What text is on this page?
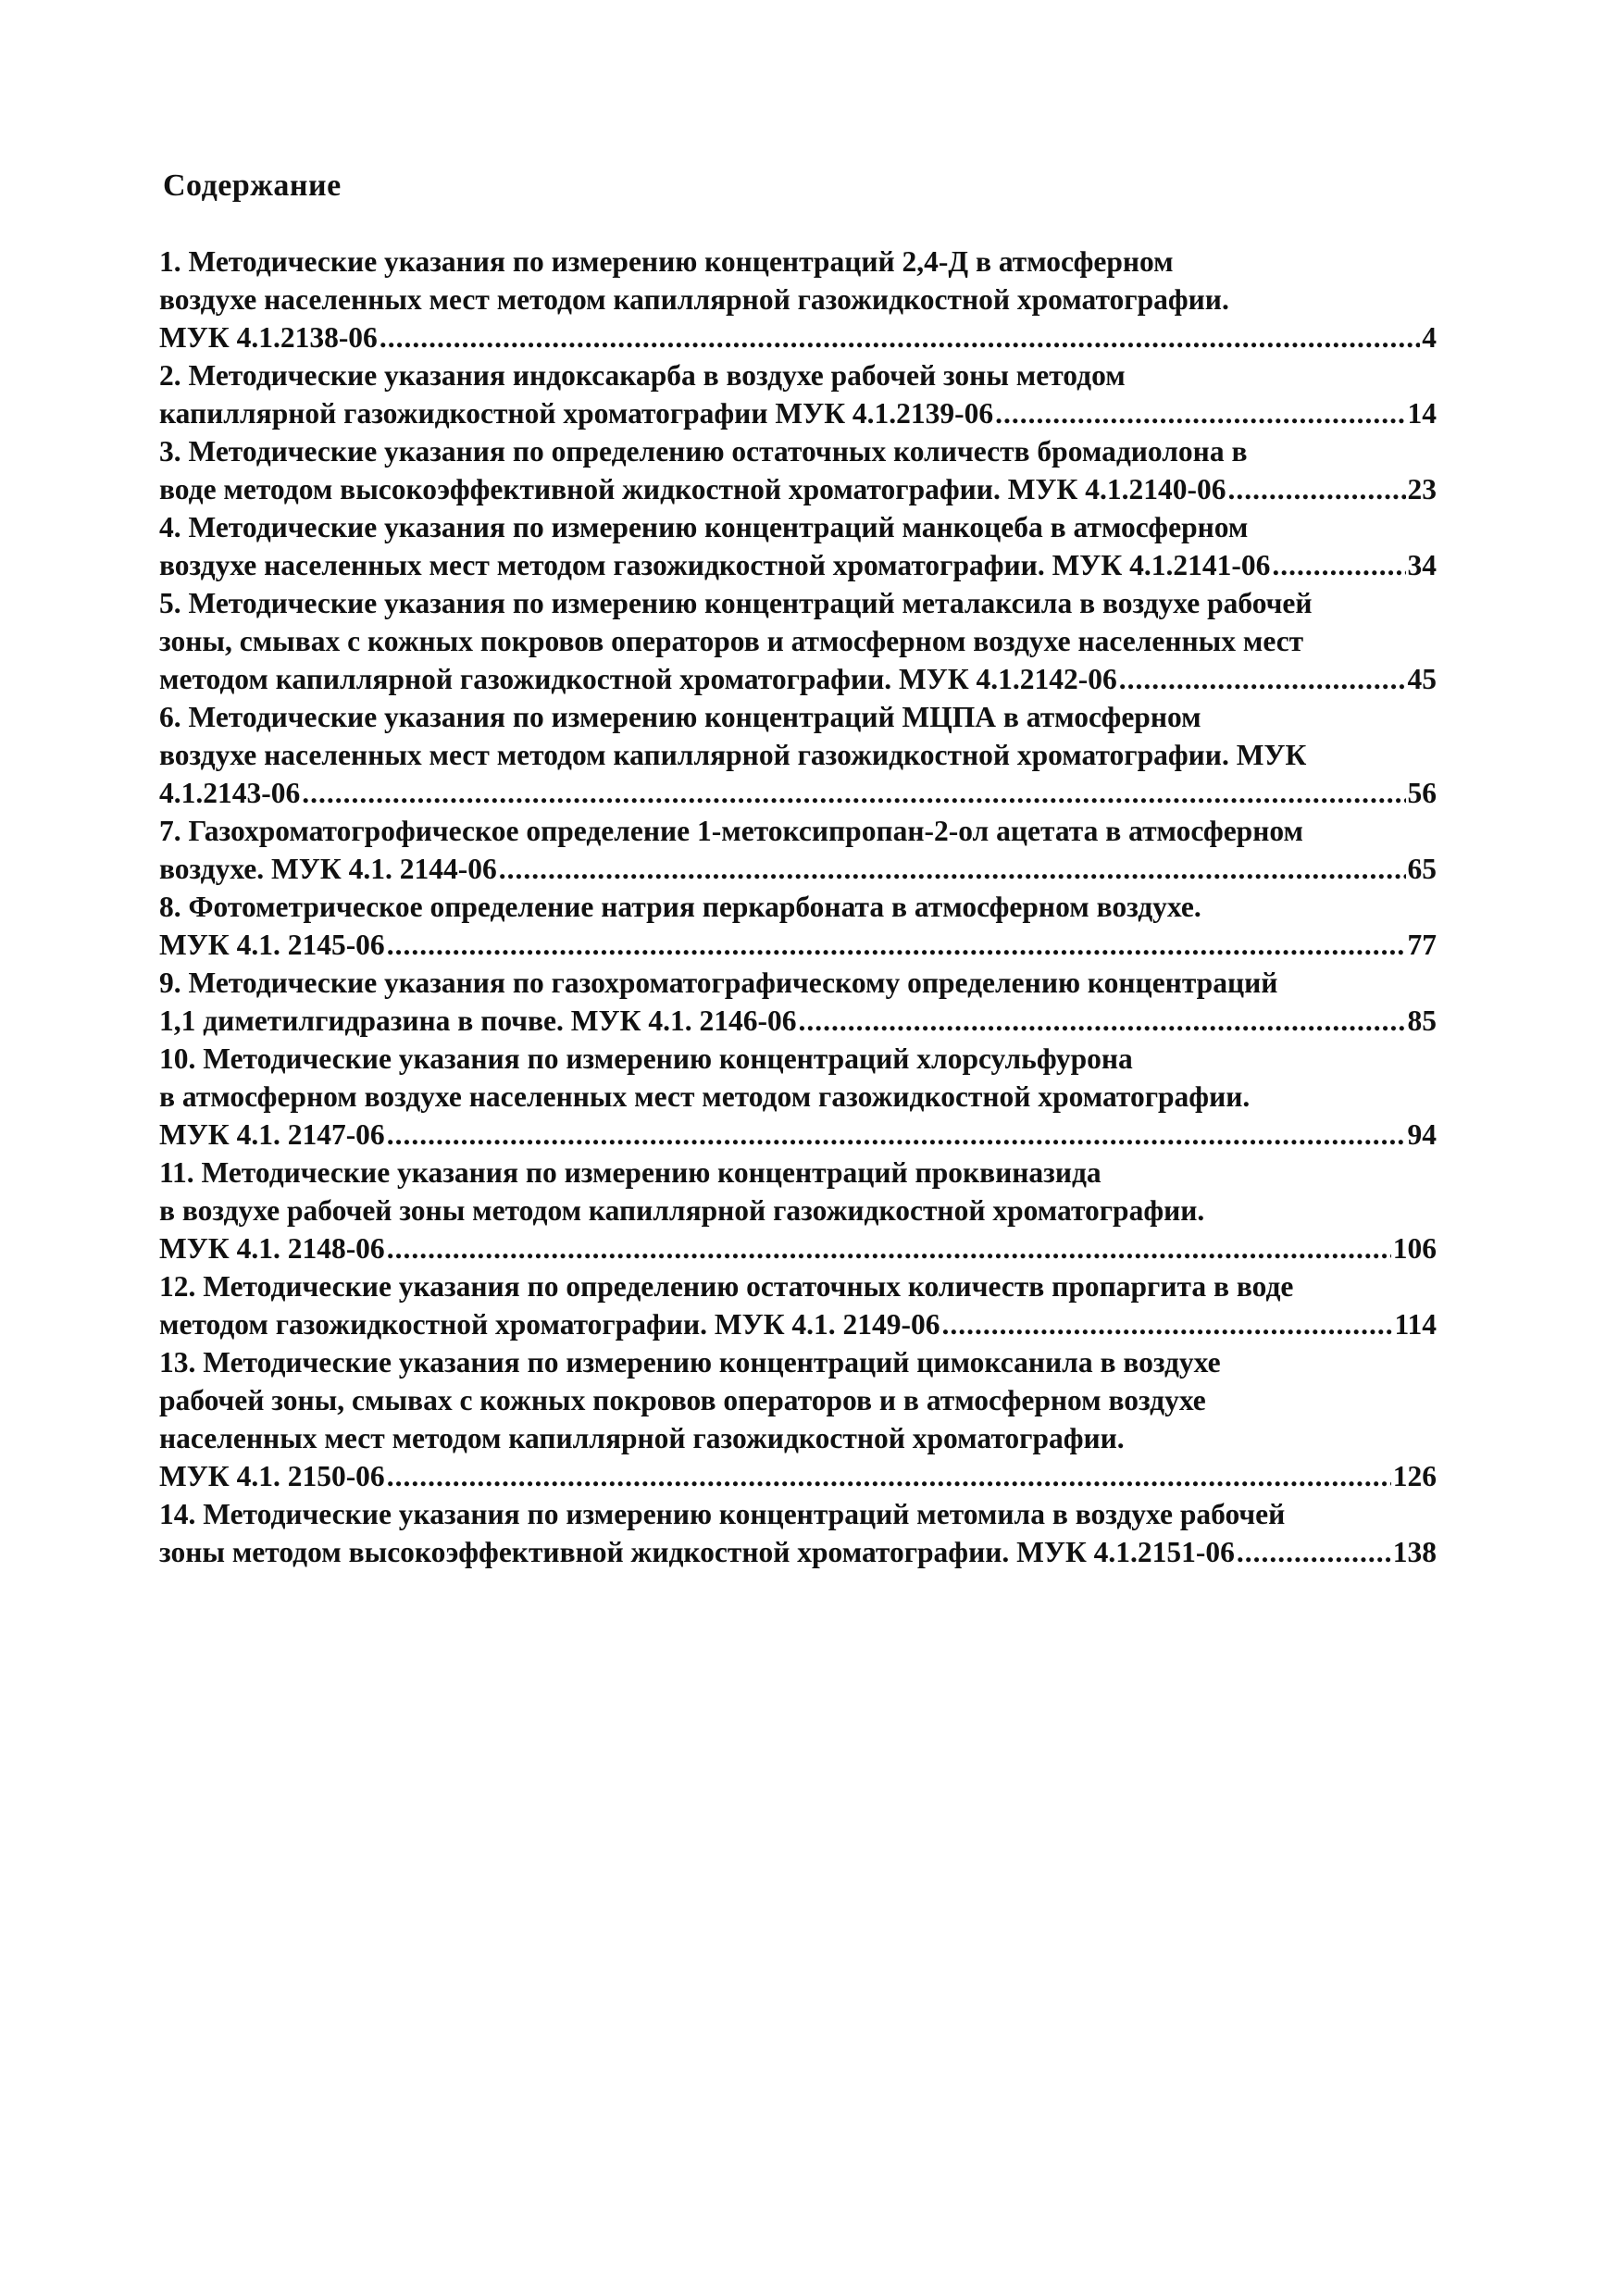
Содержание
1. Методические указания по измерению концентраций 2,4-Д в атмосферном
воздухе населенных мест методом капиллярной газожидкостной хроматографии.
МУК 4.1.2138-06 .....	4
2. Методические указания индоксакарба в воздухе рабочей зоны методом
капиллярной газожидкостной хроматографии МУК 4.1.2139-06 .....	14
3. Методические указания по определению остаточных количеств бромадиолона в
воде методом высокоэффективной жидкостной хроматографии. МУК 4.1.2140-06 .....	23
4. Методические указания по измерению концентраций манкоцеба в атмосферном
воздухе населенных мест методом газожидкостной хроматографии. МУК 4.1.2141-06 .....	34
5. Методические указания по измерению концентраций металаксила в воздухе рабочей
зоны, смывах с кожных покровов операторов и атмосферном воздухе населенных мест
методом капиллярной газожидкостной хроматографии. МУК 4.1.2142-06 .....	45
6. Методические указания по измерению концентраций МЦПА в атмосферном
воздухе населенных мест методом капиллярной газожидкостной хроматографии. МУК
4.1.2143-06 .....	56
7. Газохроматогрофическое определение 1-метоксипропан-2-ол ацетата в атмосферном
воздухе. МУК 4.1. 2144-06 .....	65
8. Фотометрическое определение натрия перкарбоната в атмосферном воздухе.
МУК 4.1. 2145-06 .....	77
9. Методические указания по газохроматографическому определению концентраций
1,1 диметилгидразина в почве. МУК 4.1. 2146-06 .....	85
10. Методические указания по измерению концентраций хлорсульфурона
в атмосферном воздухе населенных мест методом газожидкостной хроматографии.
МУК 4.1. 2147-06 .....	94
11. Методические указания по измерению концентраций проквиназида
в воздухе рабочей зоны методом капиллярной газожидкостной хроматографии.
МУК 4.1. 2148-06 .....	106
12. Методические указания по определению остаточных количеств пропаргита в воде
методом газожидкостной хроматографии. МУК 4.1. 2149-06 .....	114
13. Методические указания по измерению концентраций цимоксанила в воздухе
рабочей зоны, смывах с кожных покровов операторов и в атмосферном воздухе
населенных мест методом капиллярной газожидкостной хроматографии.
МУК 4.1. 2150-06 .....	126
14. Методические указания по измерению концентраций метомила в воздухе рабочей
зоны методом высокоэффективной жидкостной хроматографии. МУК 4.1.2151-06 .....	138
